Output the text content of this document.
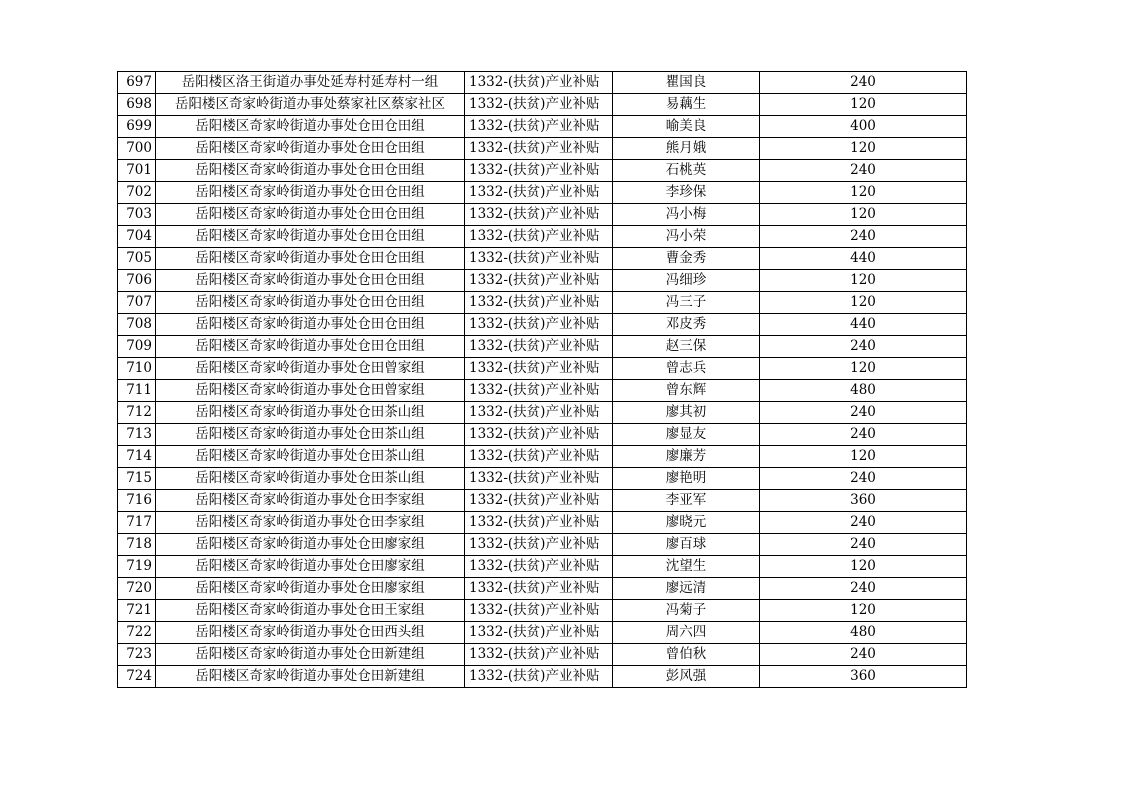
697	岳阳楼区洛王街道办事处延寿村延寿村一组	1332-(扶贫)产业补贴	瞿国良	240
698	岳阳楼区奇家岭街道办事处蔡家社区蔡家社区	1332-(扶贫)产业补贴	易藕生	120
699	岳阳楼区奇家岭街道办事处仓田仓田组	1332-(扶贫)产业补贴	喻美良	400
700	岳阳楼区奇家岭街道办事处仓田仓田组	1332-(扶贫)产业补贴	熊月娥	120
701	岳阳楼区奇家岭街道办事处仓田仓田组	1332-(扶贫)产业补贴	石桃英	240
702	岳阳楼区奇家岭街道办事处仓田仓田组	1332-(扶贫)产业补贴	李珍保	120
703	岳阳楼区奇家岭街道办事处仓田仓田组	1332-(扶贫)产业补贴	冯小梅	120
704	岳阳楼区奇家岭街道办事处仓田仓田组	1332-(扶贫)产业补贴	冯小荣	240
705	岳阳楼区奇家岭街道办事处仓田仓田组	1332-(扶贫)产业补贴	曹金秀	440
706	岳阳楼区奇家岭街道办事处仓田仓田组	1332-(扶贫)产业补贴	冯细珍	120
707	岳阳楼区奇家岭街道办事处仓田仓田组	1332-(扶贫)产业补贴	冯三子	120
708	岳阳楼区奇家岭街道办事处仓田仓田组	1332-(扶贫)产业补贴	邓皮秀	440
709	岳阳楼区奇家岭街道办事处仓田仓田组	1332-(扶贫)产业补贴	赵三保	240
710	岳阳楼区奇家岭街道办事处仓田曾家组	1332-(扶贫)产业补贴	曾志兵	120
711	岳阳楼区奇家岭街道办事处仓田曾家组	1332-(扶贫)产业补贴	曾东辉	480
712	岳阳楼区奇家岭街道办事处仓田茶山组	1332-(扶贫)产业补贴	廖其初	240
713	岳阳楼区奇家岭街道办事处仓田茶山组	1332-(扶贫)产业补贴	廖显友	240
714	岳阳楼区奇家岭街道办事处仓田茶山组	1332-(扶贫)产业补贴	廖廉芳	120
715	岳阳楼区奇家岭街道办事处仓田茶山组	1332-(扶贫)产业补贴	廖艳明	240
716	岳阳楼区奇家岭街道办事处仓田李家组	1332-(扶贫)产业补贴	李亚军	360
717	岳阳楼区奇家岭街道办事处仓田李家组	1332-(扶贫)产业补贴	廖晓元	240
718	岳阳楼区奇家岭街道办事处仓田廖家组	1332-(扶贫)产业补贴	廖百球	240
719	岳阳楼区奇家岭街道办事处仓田廖家组	1332-(扶贫)产业补贴	沈望生	120
720	岳阳楼区奇家岭街道办事处仓田廖家组	1332-(扶贫)产业补贴	廖远清	240
721	岳阳楼区奇家岭街道办事处仓田王家组	1332-(扶贫)产业补贴	冯菊子	120
722	岳阳楼区奇家岭街道办事处仓田西头组	1332-(扶贫)产业补贴	周六四	480
723	岳阳楼区奇家岭街道办事处仓田新建组	1332-(扶贫)产业补贴	曾伯秋	240
724	岳阳楼区奇家岭街道办事处仓田新建组	1332-(扶贫)产业补贴	彭风强	360
